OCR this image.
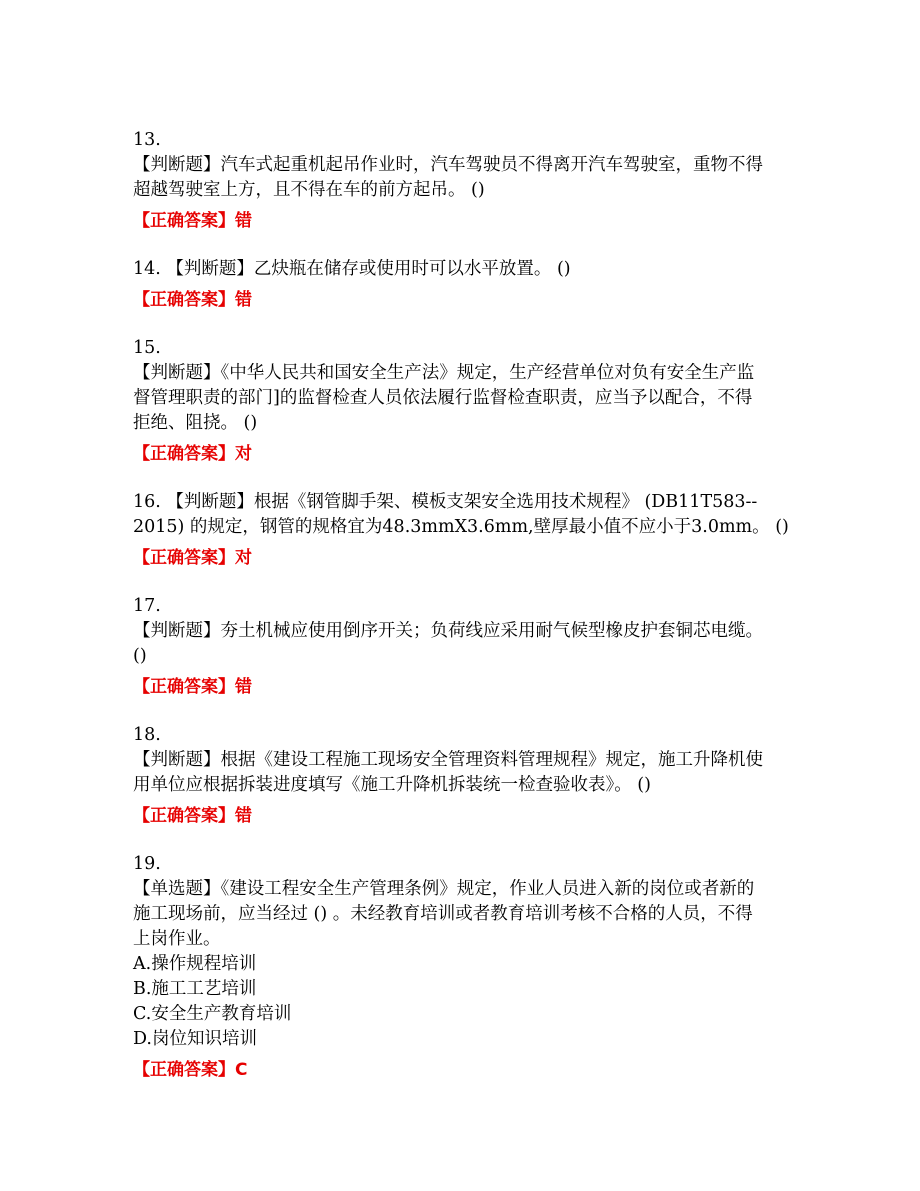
13.
【判断题】汽车式起重机起吊作业时，汽车驾驶员不得离开汽车驾驶室，重物不得
超越驾驶室上方，且不得在车的前方起吊。 ()
【正确答案】错
14. 【判断题】乙炔瓶在储存或使用时可以水平放置。 ()
【正确答案】错
15.
【判断题】《中华人民共和国安全生产法》规定，生产经营单位对负有安全生产监
督管理职责的部门]的监督检查人员依法履行监督检查职责，应当予以配合，不得
拒绝、阻挠。 ()
【正确答案】对
16. 【判断题】根据《钢管脚手架、模板支架安全选用技术规程》 (DB11T583--
2015) 的规定，钢管的规格宜为48.3mmX3.6mm,壁厚最小值不应小于3.0mm。 ()
【正确答案】对
17.
【判断题】夯土机械应使用倒序开关；负荷线应采用耐气候型橡皮护套铜芯电缆。
()
【正确答案】错
18.
【判断题】根据《建设工程施工现场安全管理资料管理规程》规定，施工升降机使
用单位应根据拆装进度填写《施工升降机拆装统一检查验收表》。 ()
【正确答案】错
19.
【单选题】《建设工程安全生产管理条例》规定，作业人员进入新的岗位或者新的
施工现场前，应当经过 () 。未经教育培训或者教育培训考核不合格的人员，不得
上岗作业。
A.操作规程培训
B.施工工艺培训
C.安全生产教育培训
D.岗位知识培训
【正确答案】C
